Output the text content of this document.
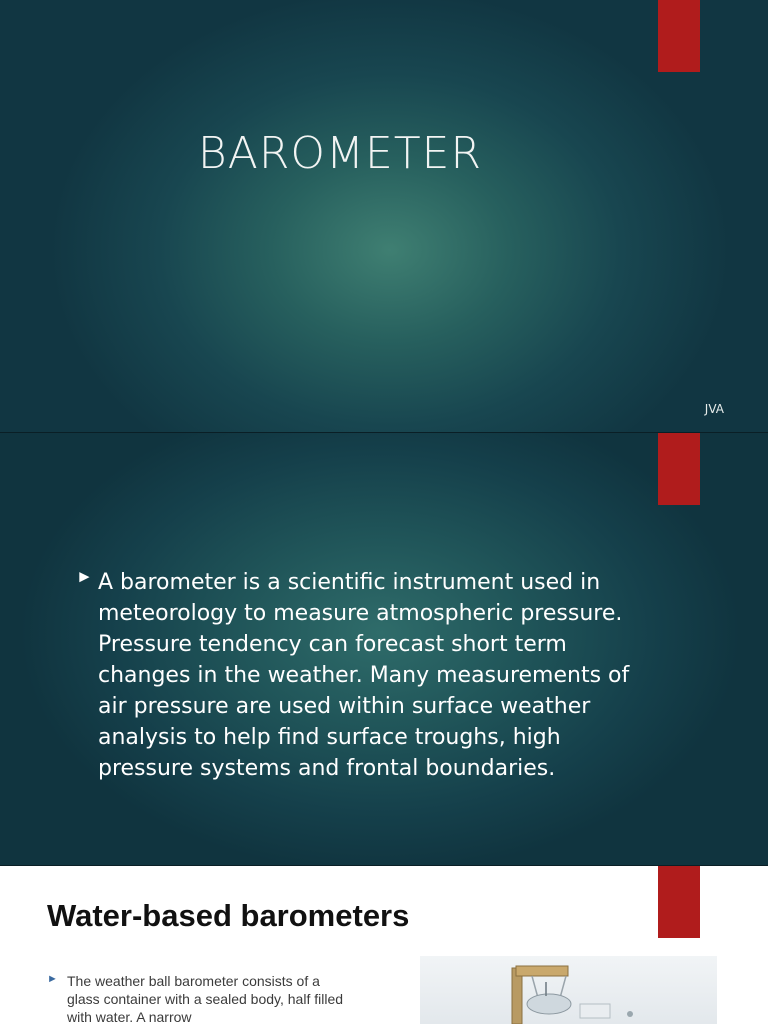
BAROMETER
JVA
► A barometer is a scientific instrument used in meteorology to measure atmospheric pressure. Pressure tendency can forecast short term changes in the weather. Many measurements of air pressure are used within surface weather analysis to help find surface troughs, high pressure systems and frontal boundaries.
Water-based barometers
► The weather ball barometer consists of a glass container with a sealed body, half filled with water. A narrow
